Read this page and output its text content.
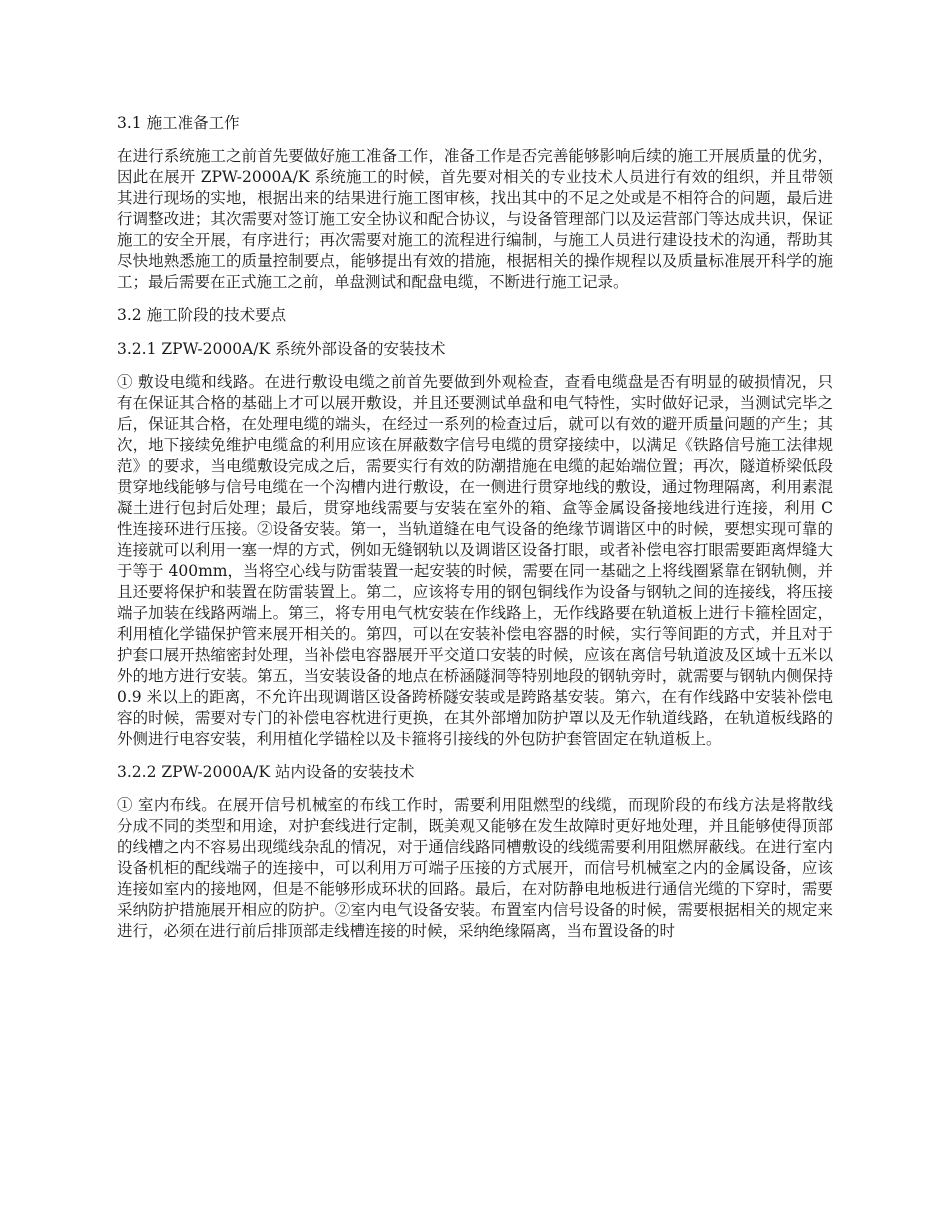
3.1 施工准备工作
在进行系统施工之前首先要做好施工准备工作，准备工作是否完善能够影响后续的施工开展质量的优劣，因此在展开 ZPW-2000A/K 系统施工的时候，首先要对相关的专业技术人员进行有效的组织，并且带领其进行现场的实地，根据出来的结果进行施工图审核，找出其中的不足之处或是不相符合的问题，最后进行调整改进；其次需要对签订施工安全协议和配合协议，与设备管理部门以及运营部门等达成共识，保证施工的安全开展，有序进行；再次需要对施工的流程进行编制，与施工人员进行建设技术的沟通，帮助其尽快地熟悉施工的质量控制要点，能够提出有效的措施，根据相关的操作规程以及质量标准展开科学的施工；最后需要在正式施工之前，单盘测试和配盘电缆，不断进行施工记录。
3.2 施工阶段的技术要点
3.2.1 ZPW-2000A/K 系统外部设备的安装技术
① 敷设电缆和线路。在进行敷设电缆之前首先要做到外观检查，查看电缆盘是否有明显的破损情况，只有在保证其合格的基础上才可以展开敷设，并且还要测试单盘和电气特性，实时做好记录，当测试完毕之后，保证其合格，在处理电缆的端头，在经过一系列的检查过后，就可以有效的避开质量问题的产生；其次，地下接续免维护电缆盒的利用应该在屏蔽数字信号电缆的贯穿接续中，以满足《铁路信号施工法律规范》的要求，当电缆敷设完成之后，需要实行有效的防潮措施在电缆的起始端位置；再次，隧道桥梁低段贯穿地线能够与信号电缆在一个沟槽内进行敷设，在一侧进行贯穿地线的敷设，通过物理隔离，利用素混凝土进行包封后处理；最后，贯穿地线需要与安装在室外的箱、盒等金属设备接地线进行连接，利用 C 性连接环进行压接。②设备安装。第一，当轨道缝在电气设备的绝缘节调谐区中的时候，要想实现可靠的连接就可以利用一塞一焊的方式，例如无缝钢轨以及调谐区设备打眼，或者补偿电容打眼需要距离焊缝大于等于 400mm，当将空心线与防雷装置一起安装的时候，需要在同一基础之上将线圈紧靠在钢轨侧，并且还要将保护和装置在防雷装置上。第二，应该将专用的钢包铜线作为设备与钢轨之间的连接线，将压接端子加装在线路两端上。第三，将专用电气枕安装在作线路上，无作线路要在轨道板上进行卡箍栓固定，利用植化学锚保护管来展开相关的。第四，可以在安装补偿电容器的时候，实行等间距的方式，并且对于护套口展开热缩密封处理，当补偿电容器展开平交道口安装的时候，应该在离信号轨道波及区域十五米以外的地方进行安装。第五，当安装设备的地点在桥涵隧洞等特别地段的钢轨旁时，就需要与钢轨内侧保持 0.9 米以上的距离，不允许出现调谐区设备跨桥隧安装或是跨路基安装。第六，在有作线路中安装补偿电容的时候，需要对专门的补偿电容枕进行更换，在其外部增加防护罩以及无作轨道线路，在轨道板线路的外侧进行电容安装，利用植化学锚栓以及卡箍将引接线的外包防护套管固定在轨道板上。
3.2.2 ZPW-2000A/K 站内设备的安装技术
① 室内布线。在展开信号机械室的布线工作时，需要利用阻燃型的线缆，而现阶段的布线方法是将散线分成不同的类型和用途，对护套线进行定制，既美观又能够在发生故障时更好地处理，并且能够使得顶部的线槽之内不容易出现缆线杂乱的情况，对于通信线路同槽敷设的线缆需要利用阻燃屏蔽线。在进行室内设备机柜的配线端子的连接中，可以利用万可端子压接的方式展开，而信号机械室之内的金属设备，应该连接如室内的接地网，但是不能够形成环状的回路。最后，在对防静电地板进行通信光缆的下穿时，需要采纳防护措施展开相应的防护。②室内电气设备安装。布置室内信号设备的时候，需要根据相关的规定来进行，必须在进行前后排顶部走线槽连接的时候，采纳绝缘隔离，当布置设备的时
